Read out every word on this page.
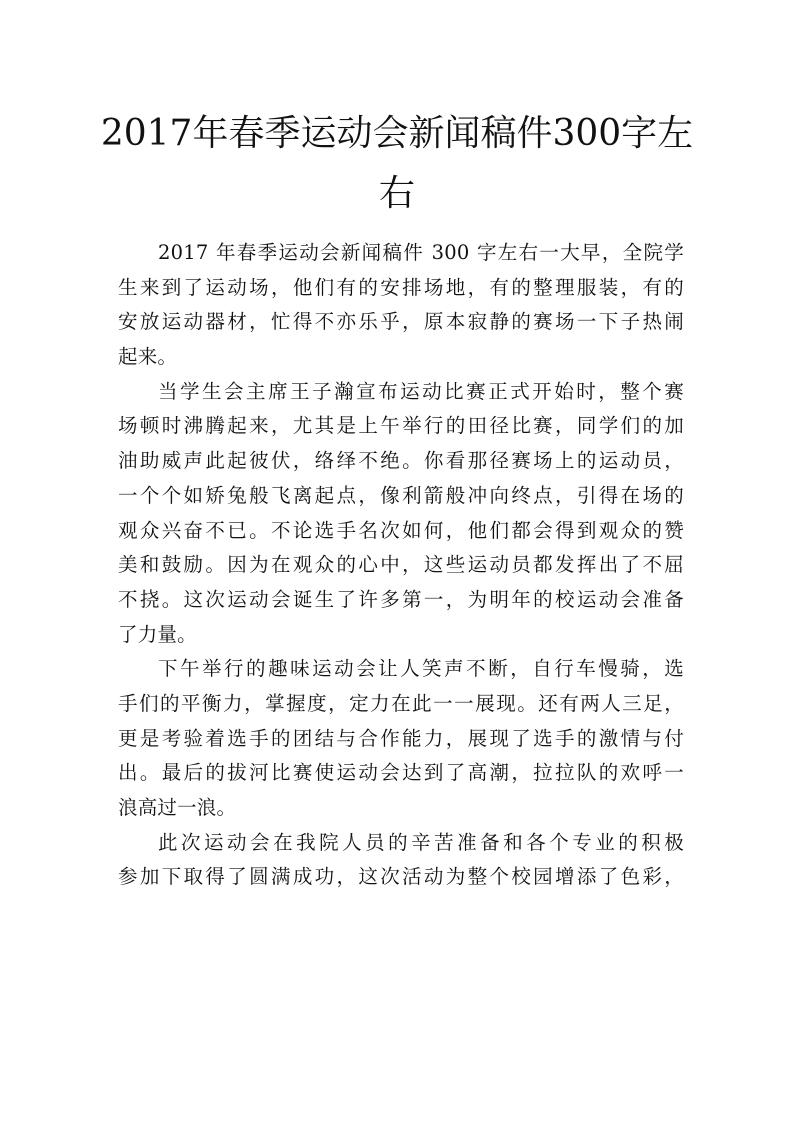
2017年春季运动会新闻稿件300字左右
2017 年春季运动会新闻稿件 300 字左右一大早，全院学
生来到了运动场，他们有的安排场地，有的整理服装，有的
安放运动器材，忙得不亦乐乎，原本寂静的赛场一下子热闹
起来。
当学生会主席王子瀚宣布运动比赛正式开始时，整个赛
场顿时沸腾起来，尤其是上午举行的田径比赛，同学们的加
油助威声此起彼伏，络绎不绝。你看那径赛场上的运动员，
一个个如矫兔般飞离起点，像利箭般冲向终点，引得在场的
观众兴奋不已。不论选手名次如何，他们都会得到观众的赞
美和鼓励。因为在观众的心中，这些运动员都发挥出了不屈
不挠。这次运动会诞生了许多第一，为明年的校运动会准备
了力量。
下午举行的趣味运动会让人笑声不断，自行车慢骑，选
手们的平衡力，掌握度，定力在此一一展现。还有两人三足，
更是考验着选手的团结与合作能力，展现了选手的激情与付
出。最后的拔河比赛使运动会达到了高潮，拉拉队的欢呼一
浪高过一浪。
此次运动会在我院人员的辛苦准备和各个专业的积极
参加下取得了圆满成功，这次活动为整个校园增添了色彩，
